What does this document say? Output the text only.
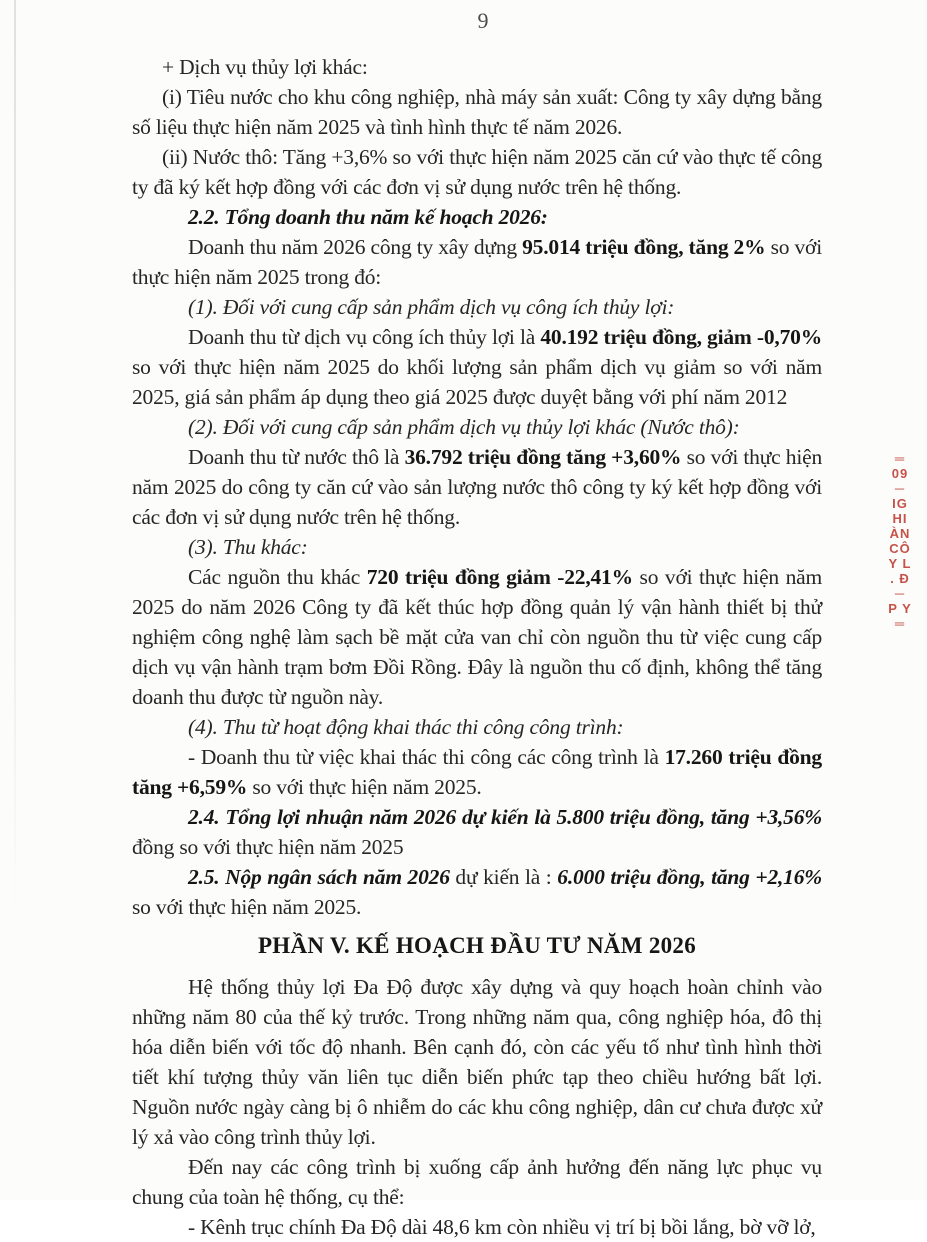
9
+ Dịch vụ thủy lợi khác:
(i) Tiêu nước cho khu công nghiệp, nhà máy sản xuất: Công ty xây dựng bằng số liệu thực hiện năm 2025 và tình hình thực tế năm 2026.
(ii) Nước thô: Tăng +3,6% so với thực hiện năm 2025 căn cứ vào thực tế công ty đã ký kết hợp đồng với các đơn vị sử dụng nước trên hệ thống.
2.2. Tổng doanh thu năm kế hoạch 2026:
Doanh thu năm 2026 công ty xây dựng 95.014 triệu đồng, tăng 2% so với thực hiện năm 2025 trong đó:
(1). Đối với cung cấp sản phẩm dịch vụ công ích thủy lợi:
Doanh thu từ dịch vụ công ích thủy lợi là 40.192 triệu đồng, giảm -0,70% so với thực hiện năm 2025 do khối lượng sản phẩm dịch vụ giảm so với năm 2025, giá sản phẩm áp dụng theo giá 2025 được duyệt bằng với phí năm 2012
(2). Đối với cung cấp sản phẩm dịch vụ thủy lợi khác (Nước thô):
Doanh thu từ nước thô là 36.792 triệu đồng tăng +3,60% so với thực hiện năm 2025 do công ty căn cứ vào sản lượng nước thô công ty ký kết hợp đồng với các đơn vị sử dụng nước trên hệ thống.
(3). Thu khác:
Các nguồn thu khác 720 triệu đồng giảm -22,41% so với thực hiện năm 2025 do năm 2026 Công ty đã kết thúc hợp đồng quản lý vận hành thiết bị thử nghiệm công nghệ làm sạch bề mặt cửa van chỉ còn nguồn thu từ việc cung cấp dịch vụ vận hành trạm bơm Đồi Rồng. Đây là nguồn thu cố định, không thể tăng doanh thu được từ nguồn này.
(4). Thu từ hoạt động khai thác thi công công trình:
- Doanh thu từ việc khai thác thi công các công trình là 17.260 triệu đồng tăng +6,59% so với thực hiện năm 2025.
2.4. Tổng lợi nhuận năm 2026 dự kiến là 5.800 triệu đồng, tăng +3,56% đồng so với thực hiện năm 2025
2.5. Nộp ngân sách năm 2026 dự kiến là : 6.000 triệu đồng, tăng +2,16% so với thực hiện năm 2025.
PHẦN V. KẾ HOẠCH ĐẦU TƯ NĂM 2026
Hệ thống thủy lợi Đa Độ được xây dựng và quy hoạch hoàn chỉnh vào những năm 80 của thế kỷ trước. Trong những năm qua, công nghiệp hóa, đô thị hóa diễn biến với tốc độ nhanh. Bên cạnh đó, còn các yếu tố như tình hình thời tiết khí tượng thủy văn liên tục diễn biến phức tạp theo chiều hướng bất lợi. Nguồn nước ngày càng bị ô nhiễm do các khu công nghiệp, dân cư chưa được xử lý xả vào công trình thủy lợi.
Đến nay các công trình bị xuống cấp ảnh hưởng đến năng lực phục vụ chung của toàn hệ thống, cụ thể:
- Kênh trục chính Đa Độ dài 48,6 km còn nhiều vị trí bị bồi lắng, bờ vỡ lở,
═
09
─
IG
HI
ÀN
CÔ
Y L
. Đ
─
P Y
═
